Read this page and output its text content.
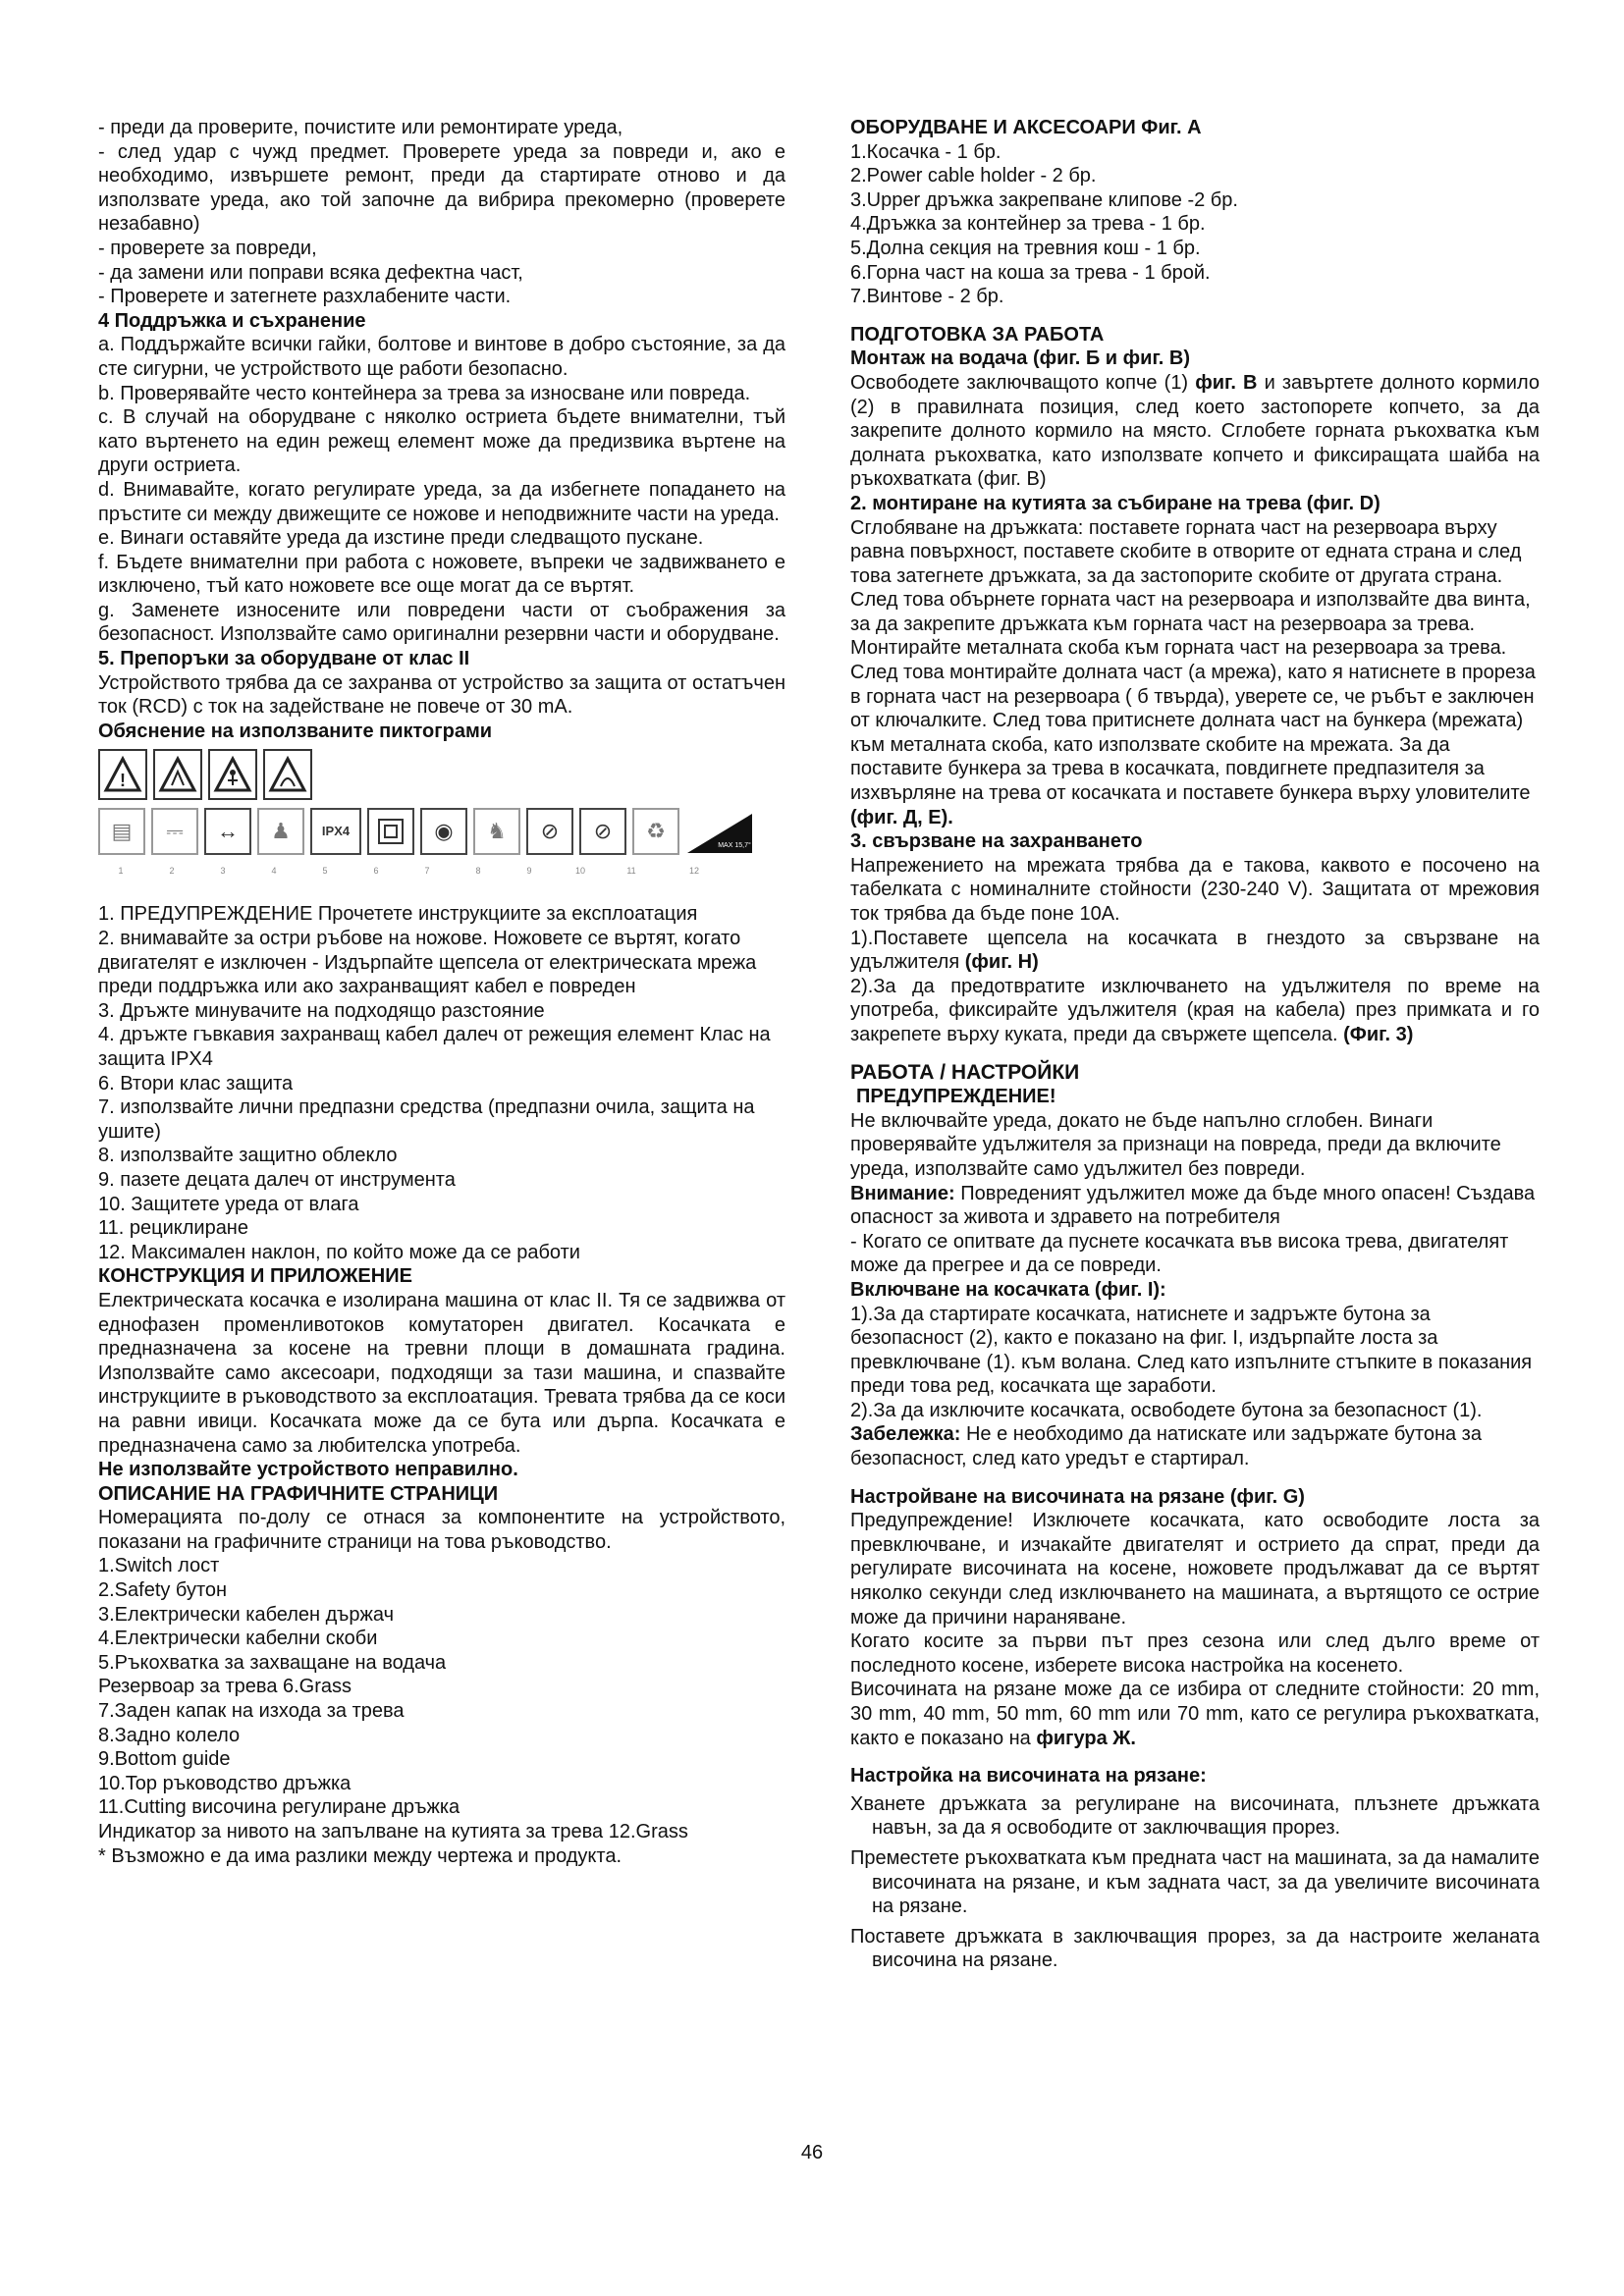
- преди да проверите, почистите или ремонтирате уреда,

- след удар с чужд предмет. Проверете уреда за повреди и, ако е необходимо, извършете ремонт, преди да стартирате отново и да използвате уреда, ако той започне да вибрира прекомерно (проверете незабавно)

- проверете за повреди,

- да замени или поправи всяка дефектна част,

- Проверете и затегнете разхлабените части.

4 Поддръжка и съхранение

a. Поддържайте всички гайки, болтове и винтове в добро състояние, за да сте сигурни, че устройството ще работи безопасно.

b. Проверявайте често контейнера за трева за износване или повреда.

c. В случай на оборудване с няколко остриета бъдете внимателни, тъй като въртенето на един режещ елемент може да предизвика въртене на други остриета.

d. Внимавайте, когато регулирате уреда, за да избегнете попадането на пръстите си между движещите се ножове и неподвижните части на уреда.

e. Винаги оставяйте уреда да изстине преди следващото пускане.

f. Бъдете внимателни при работа с ножовете, въпреки че задвижването е изключено, тъй като ножовете все още могат да се въртят.

g. Заменете износените или повредени части от съображения за безопасност. Използвайте само оригинални резервни части и оборудване.

5. Препоръки за оборудване от клас II

Устройството трябва да се захранва от устройство за защита от остатъчен ток (RCD) с ток на задействане не повече от 30 mA.

Обяснение на използваните пиктограми

!
▤	⎓	↔	♟	IPX4	◉	♞	⊘	⊘	♻
MAX 15,7°
1	2	3	4	5	6	7	8	9	10	11	12

1. ПРЕДУПРЕЖДЕНИЕ Прочетете инструкциите за експлоатация

2. внимавайте за остри ръбове на ножове. Ножовете се въртят, когато двигателят е изключен - Издърпайте щепсела от електрическата мрежа преди поддръжка или ако захранващият кабел е повреден

3. Дръжте минувачите на подходящо разстояние

4. дръжте гъвкавия захранващ кабел далеч от режещия елемент Клас на защита IPX4

6. Втори клас защита

7. използвайте лични предпазни средства (предпазни очила, защита на ушите)

8. използвайте защитно облекло

9. пазете децата далеч от инструмента

10. Защитете уреда от влага

11. рециклиране

12. Максимален наклон, по който може да се работи

КОНСТРУКЦИЯ И ПРИЛОЖЕНИЕ

Електрическата косачка е изолирана машина от клас II. Тя се задвижва от еднофазен променливотоков комутаторен двигател. Косачката е предназначена за косене на тревни площи в домашната градина. Използвайте само аксесоари, подходящи за тази машина, и спазвайте инструкциите в ръководството за експлоатация. Тревата трябва да се коси на равни ивици. Косачката може да се бута или дърпа. Косачката е предназначена само за любителска употреба.

Не използвайте устройството неправилно.

ОПИСАНИЕ НА ГРАФИЧНИТЕ СТРАНИЦИ

Номерацията по-долу се отнася за компонентите на устройството, показани на графичните страници на това ръководство.

1.Switch лост

2.Safety бутон

3.Електрически кабелен държач

4.Електрически кабелни скоби

5.Ръкохватка за захващане на водача

Резервоар за трева 6.Grass

7.Заден капак на изхода за трева

8.Задно колело

9.Bottom guide

10.Top ръководство дръжка

11.Cutting височина регулиране дръжка

Индикатор за нивото на запълване на кутията за трева 12.Grass

* Възможно е да има разлики между чертежа и продукта.

ОБОРУДВАНЕ И АКСЕСОАРИ Фиг. А

1.Косачка - 1 бр.

2.Power cable holder - 2 бр.

3.Upper дръжка закрепване клипове -2 бр.

4.Дръжка за контейнер за трева - 1 бр.

5.Долна секция на тревния кош - 1 бр.

6.Горна част на коша за трева - 1 брой.

7.Винтове - 2 бр.

ПОДГОТОВКА ЗА РАБОТА

Монтаж на водача (фиг. Б и фиг. В)

Освободете заключващото копче (1) фиг. В и завъртете долното кормило (2) в правилната позиция, след което застопорете копчето, за да закрепите долното кормило на място. Сглобете горната ръкохватка към долната ръкохватка, като използвате копчето и фиксиращата шайба на ръкохватката (фиг. В)

2. монтиране на кутията за събиране на трева (фиг. D)

Сглобяване на дръжката: поставете горната част на резервоара върху равна повърхност, поставете скобите в отворите от едната страна и след това затегнете дръжката, за да застопорите скобите от другата страна. След това обърнете горната част на резервоара и използвайте два винта, за да закрепите дръжката към горната част на резервоара за трева. Монтирайте металната скоба към горната част на резервоара за трева. След това монтирайте долната част (а мрежа), като я натиснете в прореза в горната част на резервоара ( б твърда), уверете се, че ръбът е заключен от ключалките. След това притиснете долната част на бункера (мрежата) към металната скоба, като използвате скобите на мрежата. За да поставите бункера за трева в косачката, повдигнете предпазителя за изхвърляне на трева от косачката и поставете бункера върху уловителите (фиг. Д, Е).

3. свързване на захранването

Напрежението на мрежата трябва да е такова, каквото е посочено на табелката с номиналните стойности (230-240 V). Защитата от мрежовия ток трябва да бъде поне 10А.

1).Поставете щепсела на косачката в гнездото за свързване на удължителя (фиг. Н)

2).За да предотвратите изключването на удължителя по време на употреба, фиксирайте удължителя (края на кабела) през примката и го закрепете върху куката, преди да свържете щепсела. (Фиг. 3)

РАБОТА / НАСТРОЙКИ

ПРЕДУПРЕЖДЕНИЕ!

Не включвайте уреда, докато не бъде напълно сглобен. Винаги проверявайте удължителя за признаци на повреда, преди да включите уреда, използвайте само удължител без повреди.

Внимание: Повреденият удължител може да бъде много опасен! Създава опасност за живота и здравето на потребителя

- Когато се опитвате да пуснете косачката във висока трева, двигателят може да прегрее и да се повреди.

Включване на косачката (фиг. I):

1).За да стартирате косачката, натиснете и задръжте бутона за безопасност (2), както е показано на фиг. I, издърпайте лоста за превключване (1). към волана. След като изпълните стъпките в показания преди това ред, косачката ще заработи.

2).За да изключите косачката, освободете бутона за безопасност (1).

Забележка: Не е необходимо да натискате или задържате бутона за безопасност, след като уредът е стартирал.

Настройване на височината на рязане (фиг. G)

Предупреждение! Изключете косачката, като освободите лоста за превключване, и изчакайте двигателят и острието да спрат, преди да регулирате височината на косене, ножовете продължават да се въртят няколко секунди след изключването на машината, а въртящото се острие може да причини нараняване.

Когато косите за първи път през сезона или след дълго време от последното косене, изберете висока настройка на косенето.

Височината на рязане може да се избира от следните стойности: 20 mm, 30 mm, 40 mm, 50 mm, 60 mm или 70 mm, като се регулира ръкохватката, както е показано на фигура Ж.

Настройка на височината на рязане:

Хванете дръжката за регулиране на височината, плъзнете дръжката навън, за да я освободите от заключващия прорез.

Преместете ръкохватката към предната част на машината, за да намалите височината на рязане, и към задната част, за да увеличите височината на рязане.

Поставете дръжката в заключващия прорез, за да настроите желаната височина на рязане.

46
